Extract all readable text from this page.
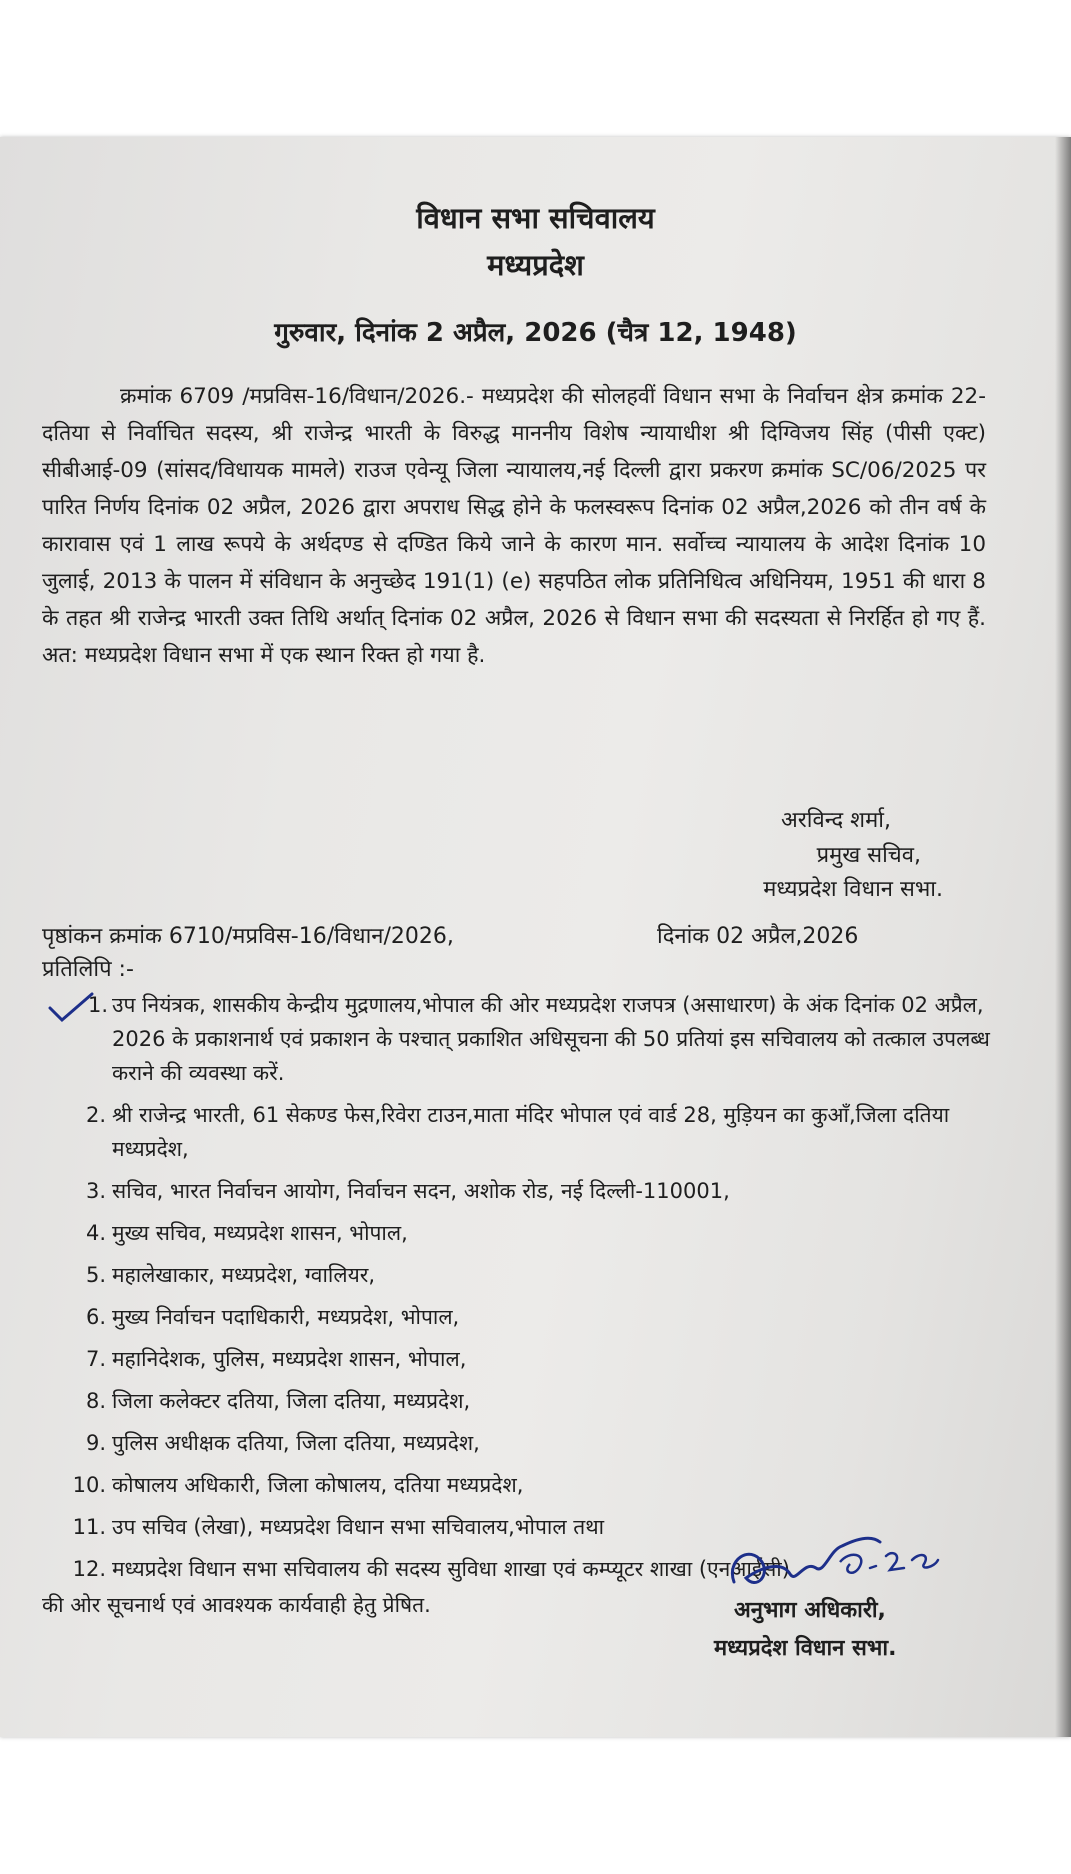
विधान सभा सचिवालय
मध्यप्रदेश
गुरुवार, दिनांक 2 अप्रैल, 2026 (चैत्र 12, 1948)
क्रमांक 6709 /मप्रविस-16/विधान/2026.- मध्यप्रदेश की सोलहवीं विधान सभा के निर्वाचन क्षेत्र क्रमांक 22-दतिया से निर्वाचित सदस्य, श्री राजेन्द्र भारती के विरुद्ध माननीय विशेष न्यायाधीश श्री दिग्विजय सिंह (पीसी एक्ट) सीबीआई-09 (सांसद/विधायक मामले) राउज एवेन्यू जिला न्यायालय,नई दिल्ली द्वारा प्रकरण क्रमांक SC/06/2025 पर पारित निर्णय दिनांक 02 अप्रैल, 2026 द्वारा अपराध सिद्ध होने के फलस्वरूप दिनांक 02 अप्रैल,2026 को तीन वर्ष के कारावास एवं 1 लाख रूपये के अर्थदण्ड से दण्डित किये जाने के कारण मान. सर्वोच्च न्यायालय के आदेश दिनांक 10 जुलाई, 2013 के पालन में संविधान के अनुच्छेद 191(1) (e) सहपठित लोक प्रतिनिधित्व अधिनियम, 1951 की धारा 8 के तहत श्री राजेन्द्र भारती उक्त तिथि अर्थात् दिनांक 02 अप्रैल, 2026 से विधान सभा की सदस्यता से निरर्हित हो गए हैं. अत: मध्यप्रदेश विधान सभा में एक स्थान रिक्त हो गया है.
अरविन्द शर्मा,
प्रमुख सचिव,
मध्यप्रदेश विधान सभा.
पृष्ठांकन क्रमांक 6710/मप्रविस-16/विधान/2026,	दिनांक 02 अप्रैल,2026
प्रतिलिपि :-
1. उप नियंत्रक, शासकीय केन्द्रीय मुद्रणालय,भोपाल की ओर मध्यप्रदेश राजपत्र (असाधारण) के अंक दिनांक 02 अप्रैल, 2026 के प्रकाशनार्थ एवं प्रकाशन के पश्चात् प्रकाशित अधिसूचना की 50 प्रतियां इस सचिवालय को तत्काल उपलब्ध कराने की व्यवस्था करें.
2. श्री राजेन्द्र भारती, 61 सेकण्ड फेस,रिवेरा टाउन,माता मंदिर भोपाल एवं वार्ड 28, मुड़ियन का कुआँ,जिला दतिया मध्यप्रदेश,
3. सचिव, भारत निर्वाचन आयोग, निर्वाचन सदन, अशोक रोड, नई दिल्ली-110001,
4. मुख्य सचिव, मध्यप्रदेश शासन, भोपाल,
5. महालेखाकार, मध्यप्रदेश, ग्वालियर,
6. मुख्य निर्वाचन पदाधिकारी, मध्यप्रदेश, भोपाल,
7. महानिदेशक, पुलिस, मध्यप्रदेश शासन, भोपाल,
8. जिला कलेक्टर दतिया, जिला दतिया, मध्यप्रदेश,
9. पुलिस अधीक्षक दतिया, जिला दतिया, मध्यप्रदेश,
10. कोषालय अधिकारी, जिला कोषालय, दतिया मध्यप्रदेश,
11. उप सचिव (लेखा), मध्यप्रदेश विधान सभा सचिवालय,भोपाल तथा
12. मध्यप्रदेश विधान सभा सचिवालय की सदस्य सुविधा शाखा एवं कम्प्यूटर शाखा (एनआईसी)
की ओर सूचनार्थ एवं आवश्यक कार्यवाही हेतु प्रेषित.	अनुभाग अधिकारी,
मध्यप्रदेश विधान सभा.
